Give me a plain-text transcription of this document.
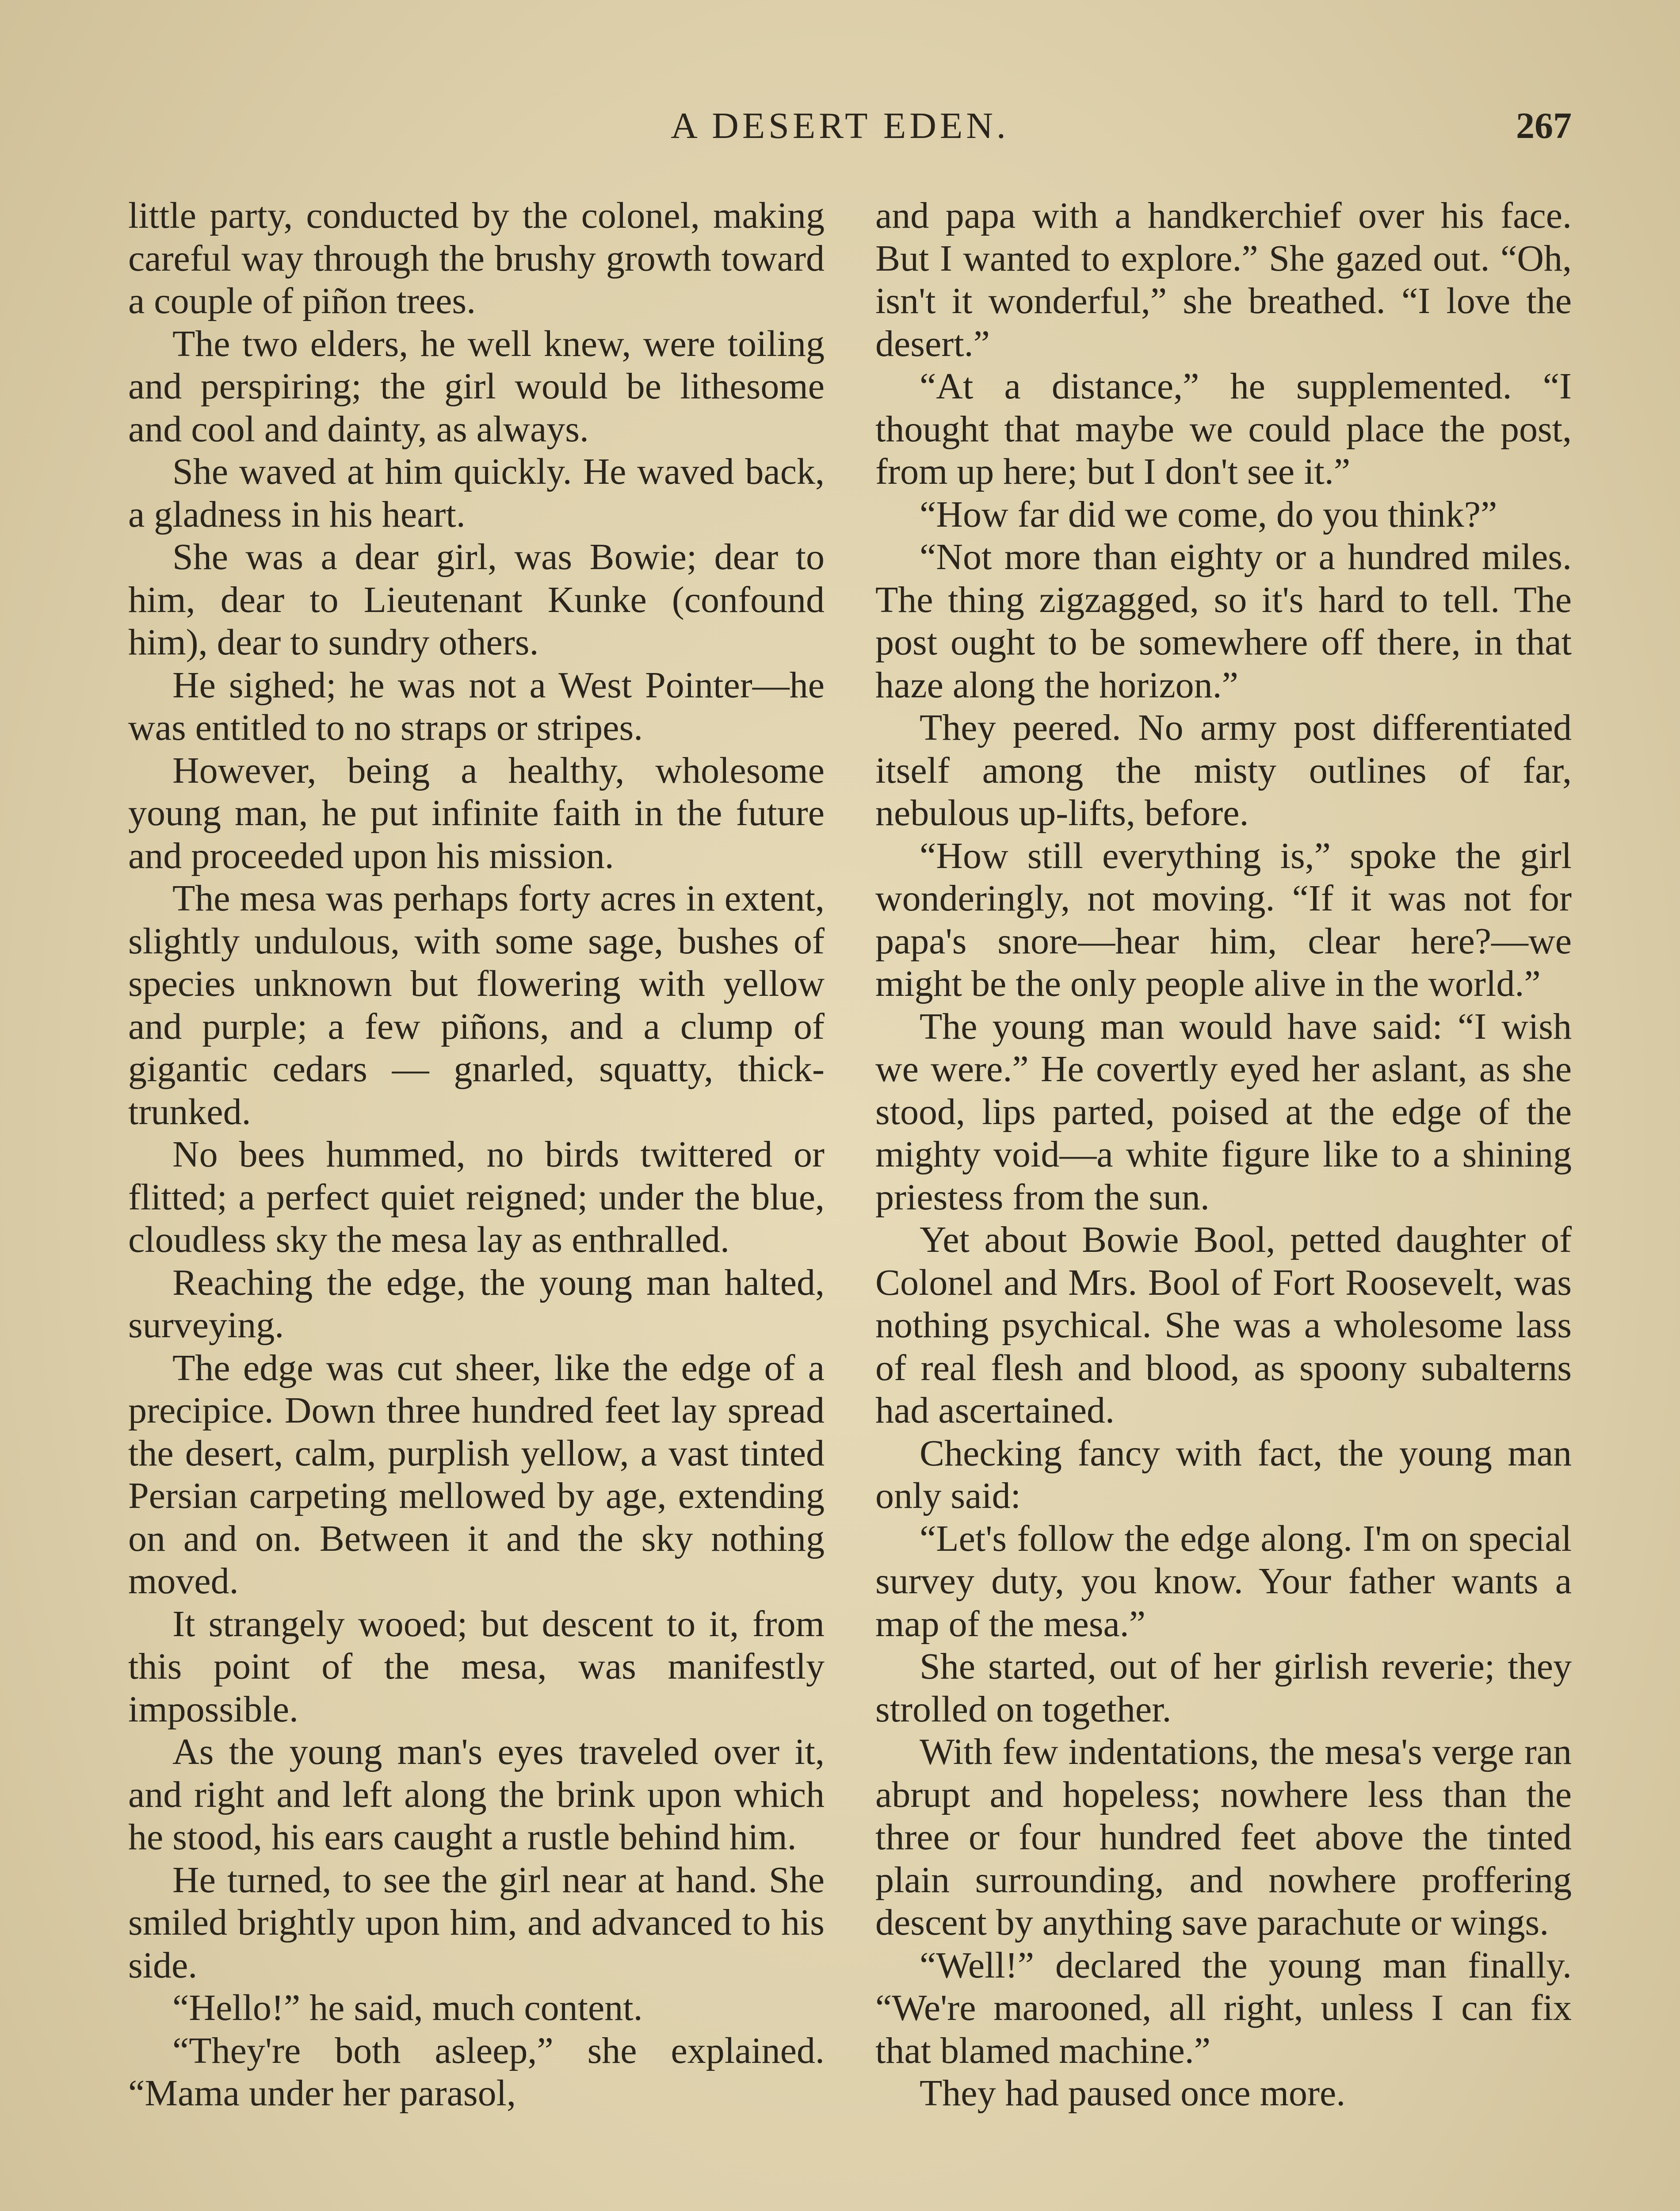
A DESERT EDEN.	267

little party, conducted by the colonel, making careful way through the brushy growth toward a couple of piñon trees.

The two elders, he well knew, were toiling and perspiring; the girl would be lithesome and cool and dainty, as always.

She waved at him quickly. He waved back, a gladness in his heart.

She was a dear girl, was Bowie; dear to him, dear to Lieutenant Kunke (confound him), dear to sundry others.

He sighed; he was not a West Pointer—he was entitled to no straps or stripes.

However, being a healthy, wholesome young man, he put infinite faith in the future and proceeded upon his mission.

The mesa was perhaps forty acres in extent, slightly undulous, with some sage, bushes of species unknown but flowering with yellow and purple; a few piñons, and a clump of gigantic cedars — gnarled, squatty, thick-trunked.

No bees hummed, no birds twittered or flitted; a perfect quiet reigned; under the blue, cloudless sky the mesa lay as enthralled.

Reaching the edge, the young man halted, surveying.

The edge was cut sheer, like the edge of a precipice. Down three hundred feet lay spread the desert, calm, purplish yellow, a vast tinted Persian carpeting mellowed by age, extending on and on. Between it and the sky nothing moved.

It strangely wooed; but descent to it, from this point of the mesa, was manifestly impossible.

As the young man's eyes traveled over it, and right and left along the brink upon which he stood, his ears caught a rustle behind him.

He turned, to see the girl near at hand. She smiled brightly upon him, and advanced to his side.

“Hello!” he said, much content.

“They're both asleep,” she explained. “Mama under her parasol,

and papa with a handkerchief over his face. But I wanted to explore.” She gazed out. “Oh, isn't it wonderful,” she breathed. “I love the desert.”

“At a distance,” he supplemented. “I thought that maybe we could place the post, from up here; but I don't see it.”

“How far did we come, do you think?”

“Not more than eighty or a hundred miles. The thing zigzagged, so it's hard to tell. The post ought to be somewhere off there, in that haze along the horizon.”

They peered. No army post differentiated itself among the misty outlines of far, nebulous up-lifts, before.

“How still everything is,” spoke the girl wonderingly, not moving. “If it was not for papa's snore—hear him, clear here?—we might be the only people alive in the world.”

The young man would have said: “I wish we were.” He covertly eyed her aslant, as she stood, lips parted, poised at the edge of the mighty void—a white figure like to a shining priestess from the sun.

Yet about Bowie Bool, petted daughter of Colonel and Mrs. Bool of Fort Roosevelt, was nothing psychical. She was a wholesome lass of real flesh and blood, as spoony subalterns had ascertained.

Checking fancy with fact, the young man only said:

“Let's follow the edge along. I'm on special survey duty, you know. Your father wants a map of the mesa.”

She started, out of her girlish reverie; they strolled on together.

With few indentations, the mesa's verge ran abrupt and hopeless; nowhere less than the three or four hundred feet above the tinted plain surrounding, and nowhere proffering descent by anything save parachute or wings.

“Well!” declared the young man finally. “We're marooned, all right, unless I can fix that blamed machine.”

They had paused once more.
